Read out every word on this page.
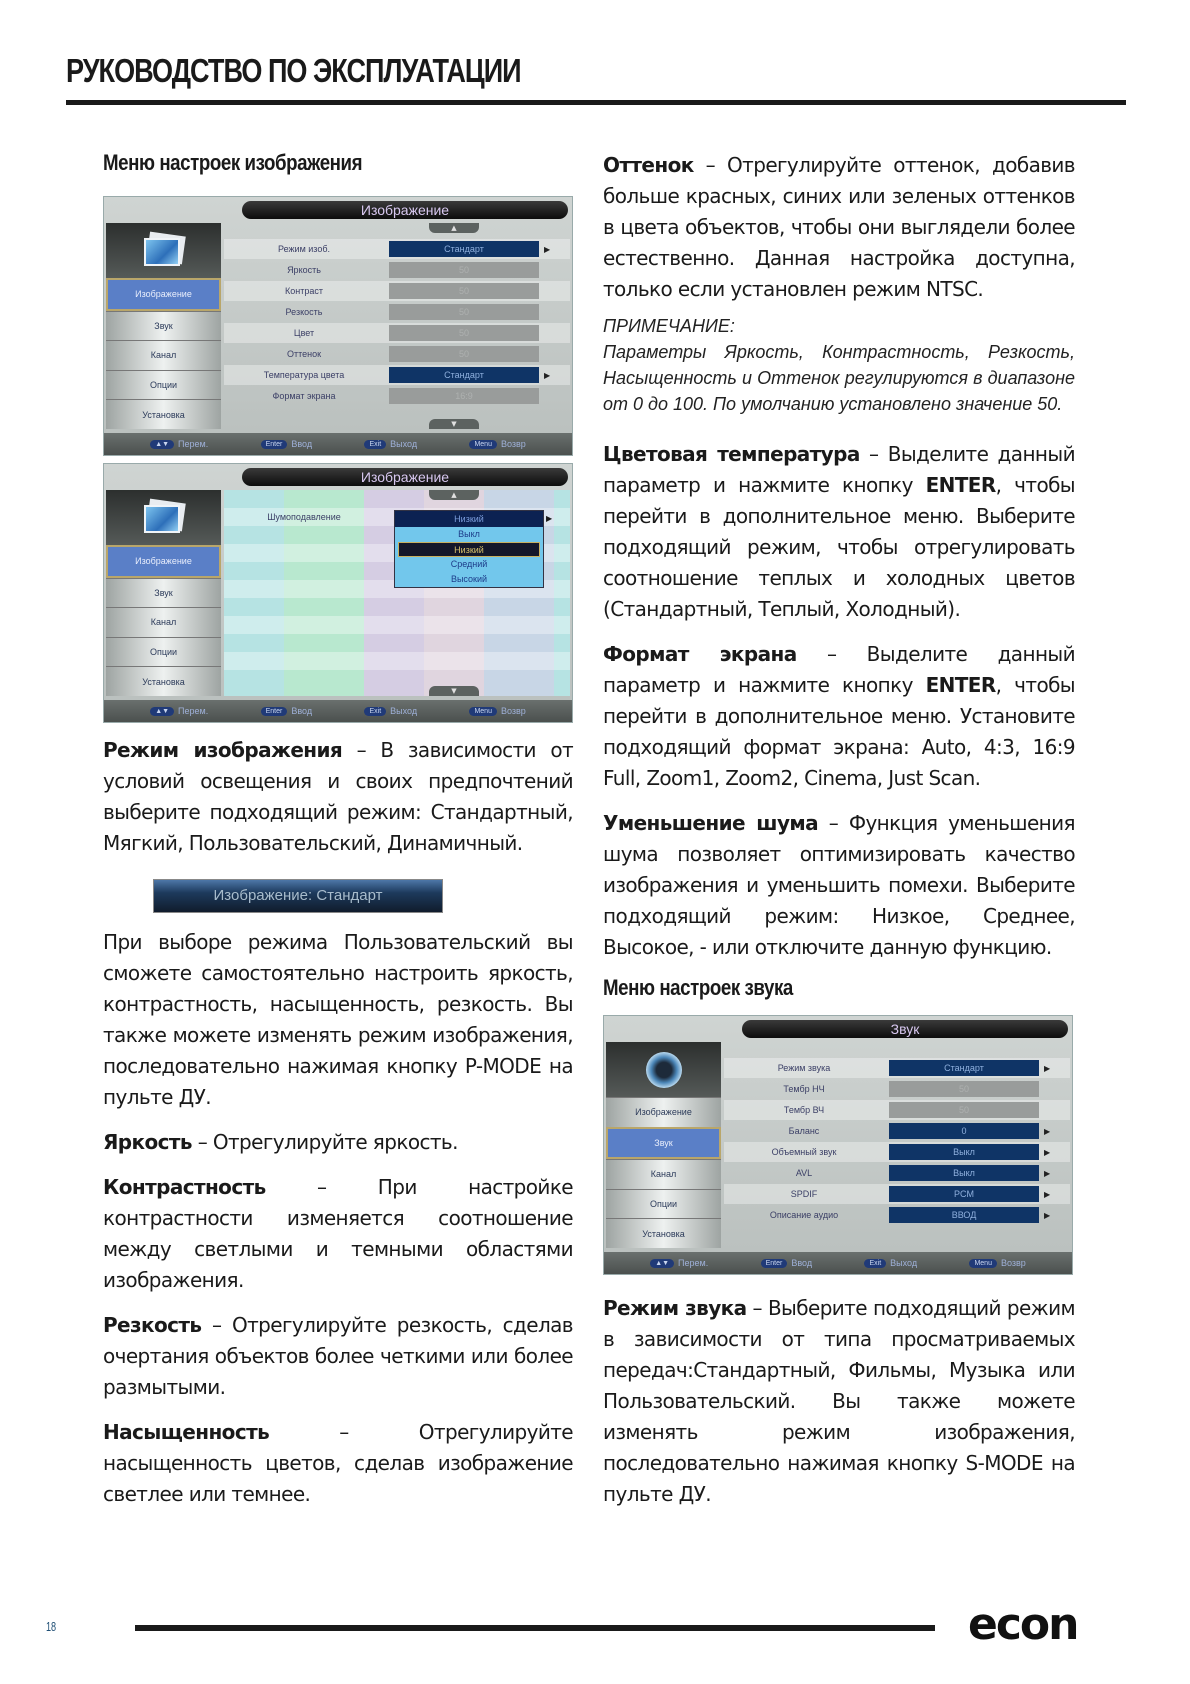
РУКОВОДСТВО ПО ЭКСПЛУАТАЦИИ
Меню настроек изображения
Изображение
Изображение
Звук
Канал
Опции
Установка
▲
Режим изоб.	Стандарт	▶
Яркость	50
Контраст	50
Резкость	50
Цвет	50
Оттенок	50
Температура цвета	Стандарт	▶
Формат экрана	16:9
▼
▲▼	Перем.	Enter	Ввод	Exit	Выход	Menu	Возвр
Изображение
Изображение
Звук
Канал
Опции
Установка
▲
Шумоподавление	Низкий
Выкл
Низкий
Средний
Высокий
▶
▼
▲▼	Перем.	Enter	Ввод	Exit	Выход	Menu	Возвр

Режим изображения – В зависимости от условий освещения и своих предпочтений выберите подходящий режим: Стандартный, Мягкий, Пользовательский, Динамичный.

Изображение: Стандарт

При выборе режима Пользовательский вы сможете самостоятельно настроить яркость, контрастность, насыщенность, резкость. Вы также можете изменять режим изображения, последовательно нажимая кнопку P-MODE на пульте ДУ.

Яркость – Отрегулируйте яркость.

Контрастность – При настройке контрастности изменяется соотношение между светлыми и темными областями изображения.

Резкость – Отрегулируйте резкость, сделав очертания объектов более четкими или более размытыми.

Насыщенность – Отрегулируйте насыщенность цветов, сделав изображение светлее или темнее.

Оттенок – Отрегулируйте оттенок, добавив больше красных, синих или зеленых оттенков в цвета объектов, чтобы они выглядели более естественно. Данная настройка доступна, только если установлен режим NTSC.

ПРИМЕЧАНИЕ:
Параметры Яркость, Контрастность, Резкость, Насыщенность и Оттенок регулируются в диапазоне от 0 до 100. По умолчанию установлено значение 50.

Цветовая температура – Выделите данный параметр и нажмите кнопку ENTER, чтобы перейти в дополнительное меню. Выберите подходящий режим, чтобы отрегулировать соотношение теплых и холодных цветов (Стандартный, Теплый, Холодный).

Формат экрана – Выделите данный параметр и нажмите кнопку ENTER, чтобы перейти в дополнительное меню. Установите подходящий формат экрана: Auto, 4:3, 16:9 Full, Zoom1, Zoom2, Cinema, Just Scan.

Уменьшение шума – Функция уменьшения шума позволяет оптимизировать качество изображения и уменьшить помехи. Выберите подходящий режим: Низкое, Среднее, Высокое, - или отключите данную функцию.

Меню настроек звука
Звук
Изображение
Звук
Канал
Опции
Установка
Режим звука	Стандарт	▶
Тембр НЧ	50
Тембр ВЧ	50
Баланс	0	▶
Объемный звук	Выкл	▶
AVL	Выкл	▶
SPDIF	PCM	▶
Описание аудио	ВВОД	▶
▲▼	Перем.	Enter	Ввод	Exit	Выход	Menu	Возвр

Режим звука – Выберите подходящий режим в зависимости от типа просматриваемых передач:Стандартный, Фильмы, Музыка или Пользовательский. Вы также можете изменять режим изображения, последовательно нажимая кнопку S-MODE на пульте ДУ.

18	econ
